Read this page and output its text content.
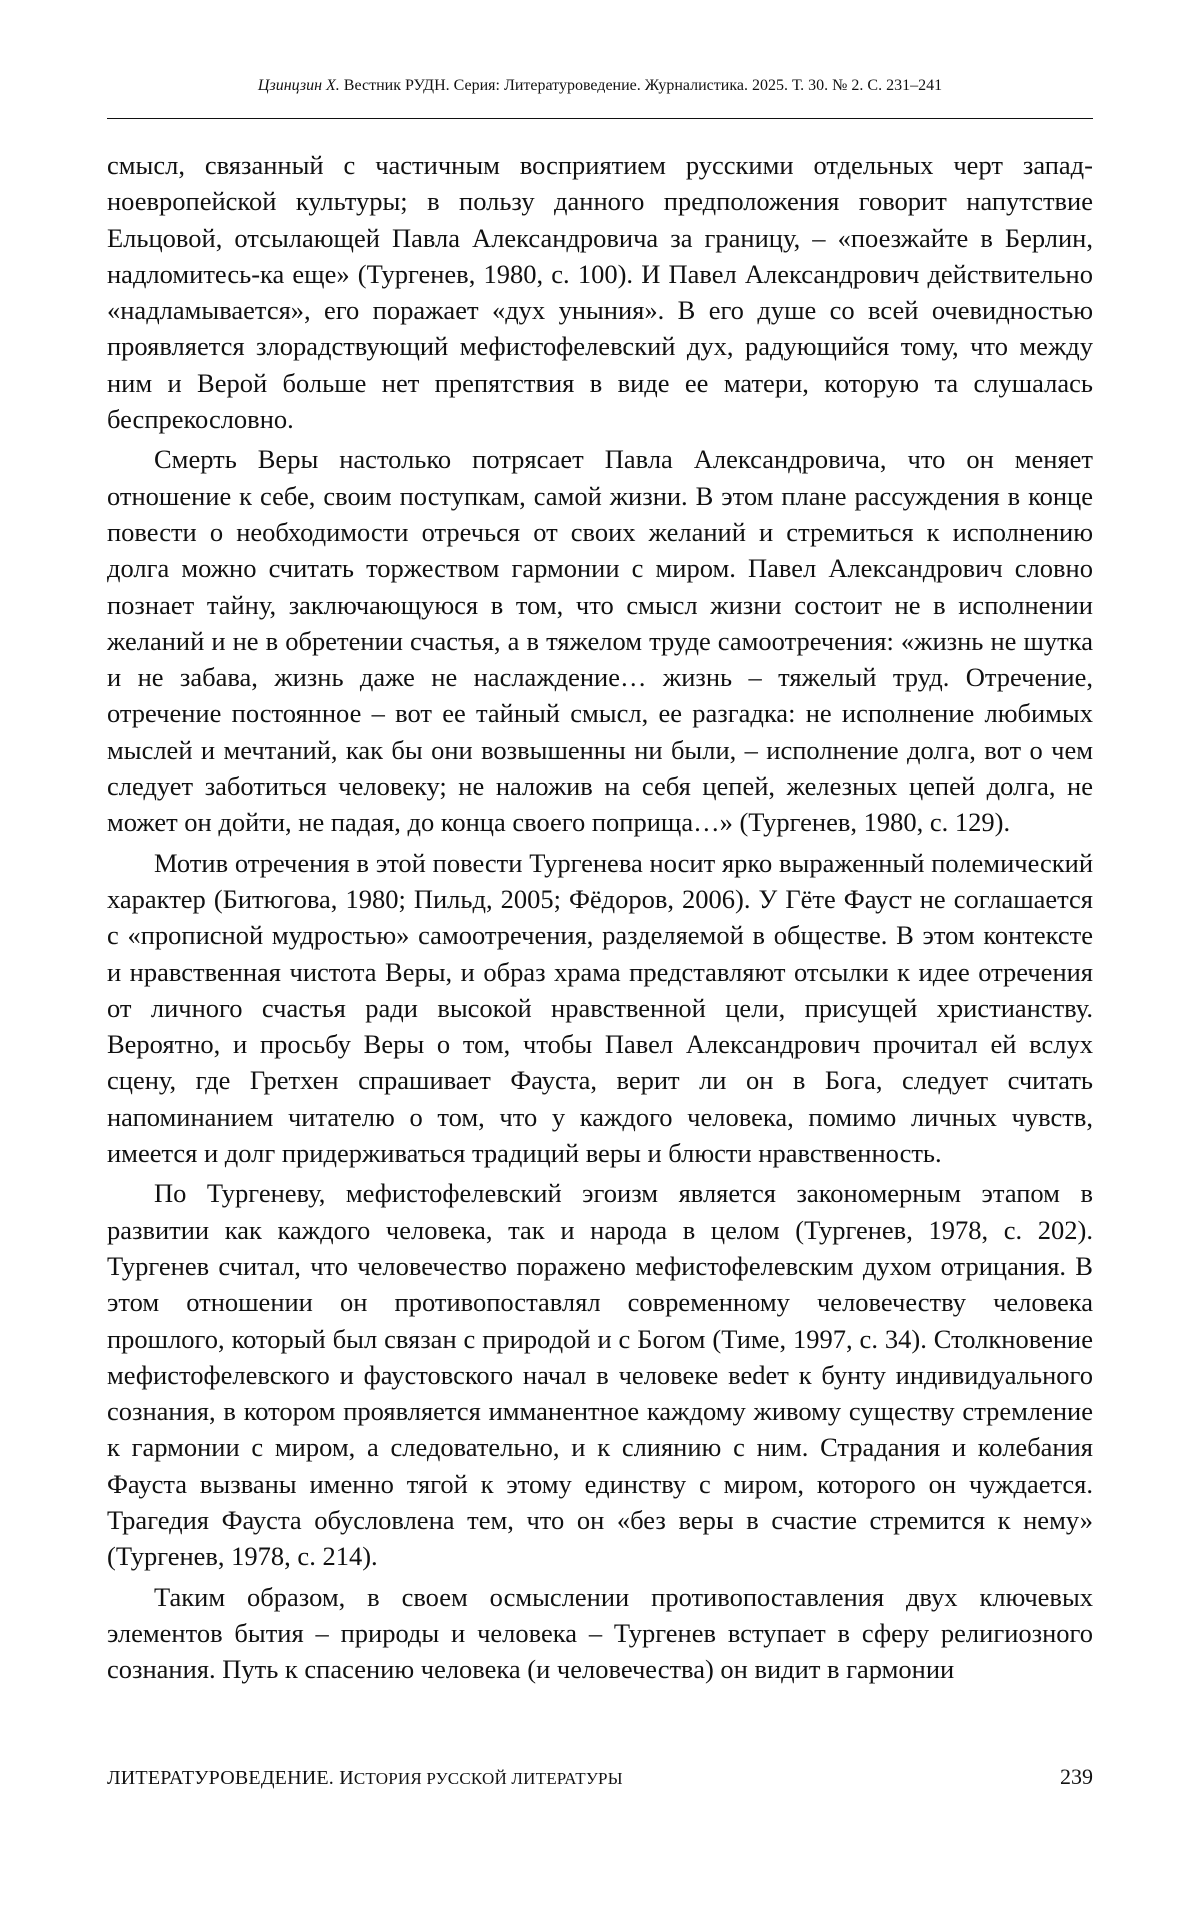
Цзинцзин Х. Вестник РУДН. Серия: Литературоведение. Журналистика. 2025. Т. 30. № 2. С. 231–241

смысл, связанный с частичным восприятием русскими отдельных черт запад­ноевропейской культуры; в пользу данного предположения говорит напут­ствие Ельцовой, отсылающей Павла Александровича за границу, – «поезжай­те в Берлин, надломитесь-ка еще» (Тургенев, 1980, с. 100). И Павел Александрович действительно «надламывается», его поражает «дух уныния». В его душе со всей очевидностью проявляется злорадствующий мефистофе­левский дух, радующийся тому, что между ним и Верой больше нет препят­ствия в виде ее матери, которую та слушалась беспрекословно.

Смерть Веры настолько потрясает Павла Александровича, что он меняет отношение к себе, своим поступкам, самой жизни. В этом плане рассуждения в конце повести о необходимости отречься от своих желаний и стремиться к исполнению долга можно считать торжеством гармонии с миром. Павел Александрович словно познает тайну, заключающуюся в том, что смысл жиз­ни состоит не в исполнении желаний и не в обретении счастья, а в тяжелом труде самоотречения: «жизнь не шутка и не забава, жизнь даже не наслажде­ние… жизнь – тяжелый труд. Отречение, отречение постоянное – вот ее тай­ный смысл, ее разгадка: не исполнение любимых мыслей и мечтаний, как бы они возвышенны ни были, – исполнение долга, вот о чем следует заботиться человеку; не наложив на себя цепей, железных цепей долга, не может он дой­ти, не падая, до конца своего поприща…» (Тургенев, 1980, с. 129).

Мотив отречения в этой повести Тургенева носит ярко выраженный поле­мический характер (Битюгова, 1980; Пильд, 2005; Фёдоров, 2006). У Гёте Фа­уст не соглашается с «прописной мудростью» самоотречения, разделяемой в обществе. В этом контексте и нравственная чистота Веры, и образ храма представляют отсылки к идее отречения от личного счастья ради высокой нравственной цели, присущей христианству. Вероятно, и просьбу Веры о том, чтобы Павел Александрович прочитал ей вслух сцену, где Гретхен спрашива­ет Фауста, верит ли он в Бога, следует считать напоминанием читателю о том, что у каждого человека, помимо личных чувств, имеется и долг придержи­ваться традиций веры и блюсти нравственность.

По Тургеневу, мефистофелевский эгоизм является закономерным этапом в развитии как каждого человека, так и народа в целом (Тургенев, 1978, с. 202). Тургенев считал, что человечество поражено мефистофелевским духом отри­цания. В этом отношении он противопоставлял современному человечеству человека прошлого, который был связан с природой и с Богом (Тиме, 1997, с. 34). Столкновение мефистофелевского и фаустовского начал в человеке ве­dет к бунту индивидуального сознания, в котором проявляется имманентное каждому живому существу стремление к гармонии с миром, а следовательно, и к слиянию с ним. Страдания и колебания Фауста вызваны именно тягой к этому единству с миром, которого он чуждается. Трагедия Фауста обусловле­на тем, что он «без веры в счастие стремится к нему» (Тургенев, 1978, с. 214).

Таким образом, в своем осмыслении противопоставления двух ключевых элементов бытия – природы и человека – Тургенев вступает в сферу религиоз­ного сознания. Путь к спасению человека (и человечества) он видит в гармонии

ЛИТЕРАТУРОВЕДЕНИЕ. ИСТОРИЯ РУССКОЙ ЛИТЕРАТУРЫ	239
